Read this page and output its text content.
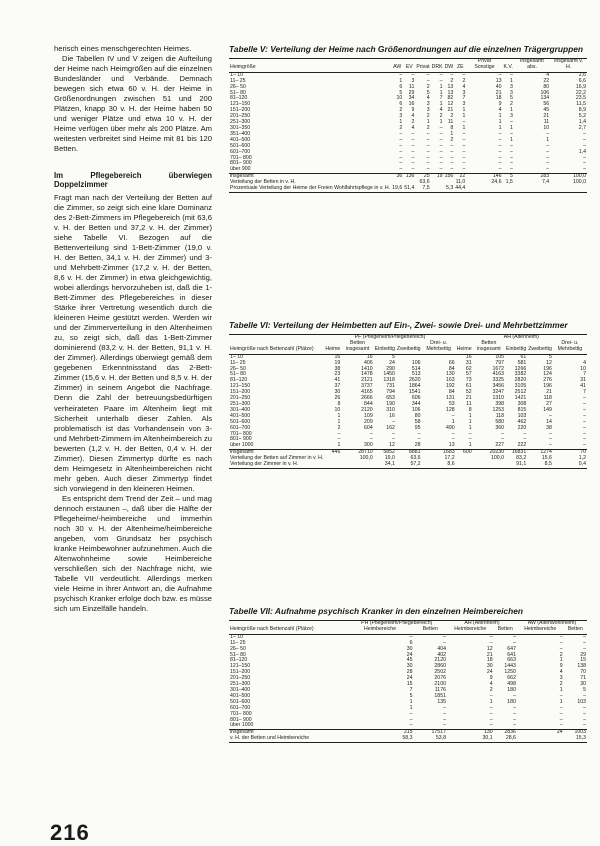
herisch eines menschgerechten Heimes.

Die Tabellen IV und V zeigen die Aufteilung der Heime nach Heimgrößen auf die einzelnen Bundesländer und Verbände. Demnach bewegen sich etwa 60 v. H. der Heime in Größenordnungen zwischen 51 und 200 Plätzen, knapp 30 v. H. der Heime haben 50 und weniger Plätze und etwa 10 v. H. der Heime verfügen über mehr als 200 Plätze. Am weitesten verbreitet sind Heime mit 81 bis 120 Betten.

Im Pflegebereich überwiegen Doppelzimmer

Fragt man nach der Verteilung der Betten auf die Zimmer, so zeigt sich eine klare Dominanz des 2-Bett-Zimmers im Pflegebereich (mit 63,6 v. H. der Betten und 37,2 v. H. der Zimmer) siehe Tabelle VI. Bezogen auf die Bettenverteilung sind 1-Bett-Zimmer (19,0 v. H. der Betten, 34,1 v. H. der Zimmer) und 3- und Mehrbett-Zimmer (17,2 v. H. der Betten, 8,6 v. H. der Zimmer) in etwa gleichgewichtig, wobei allerdings hervorzuheben ist, daß die 1-Bett-Zimmer des Pflegebereiches in dieser Stärke ihrer Vertretung wesentlich durch die kleineren Heime gestützt werden. Werden wir und der Zimmerverteilung in den Altenheimen zu, so zeigt sich, daß das 1-Bett-Zimmer dominierend (83,2 v. H. der Betten, 91,1 v. H. der Zimmer). Allerdings überwiegt gemäß dem gegebenen Erkenntnisstand das 2-Bett-Zimmer (15,6 v. H. der Betten und 8,5 v. H. der Zimmer) in seinem Angebot die Nachfrage. Denn die Zahl der betreuungsbedürftigen verheirateten Paare im Altenheim liegt mit Sicherheit unterhalb dieser Zahlen. Als problematisch ist das Vorhandensein von 3- und Mehrbett-Zimmern im Altenheimbereich zu bewerten (1,2 v. H. der Betten, 0,4 v. H. der Zimmer). Diesen Zimmertyp dürfte es nach dem Heimgesetz in Altenheimbereichen nicht mehr geben. Auch dieser Zimmertyp findet sich vorwiegend in den kleineren Heimen.

Es entspricht dem Trend der Zeit – und mag dennoch erstaunen –, daß über die Hälfte der Pflegeheime/-heimbereiche und immerhin noch 30 v. H. der Altenheime/heimbereiche angeben, vom Grundsatz her psychisch kranke Heimbewohner aufzunehmen. Auch die Altenwohnheime sowie Heimbereiche verschließen sich der Nachfrage nicht, wie Tabelle VII verdeutlicht. Allerdings merken viele Heime in ihrer Antwort an, die Aufnahme psychisch Kranker erfolge doch bzw. es müsse sich um Einzelfälle handeln.

216
Tabelle V: Verteilung der Heime nach Größenordnungen auf die einzelnen Trägergruppen
Heimgröße	AW	EV	Privat	DRK	DW	ZE	Privat Sonstige	K.V.	insgesamt abs.	insgesamt v. H.
1– 10	–	–	–	–	–	–	–	–	4	2,6
11– 25	1	3	–	–	2	2	13	1	22	6,6
26– 50	6	11	2	1	13	4	40	3	80	16,9
51– 80	5	29	5	1	13	3	21	3	106	22,2
81–120	10	34	4	7	82	7	18	5	134	23,5
121–150	6	16	3	1	12	3	9	2	56	11,5
151–200	2	9	3	4	21	1	4	1	45	8,9
201–250	3	4	2	2	2	1	1	3	21	5,2
251–300	1	2	1	1	11	–	1	–	11	1,4
301–350	2	4	2	–	8	1	1	1	10	2,7
351–400	–	–	–	–	1	–	–	–	–	–
401–500	–	–	–	–	2	–	–	1	1	–
501–600	–	–	–	–	–	–	–	–	–	–
601–700	–	–	–	–	–	–	–	–	–	1,4
701– 800	–	–	–	–	–	–	–	–	–	–
801– 900	–	–	–	–	–	–	–	–	–	–
über 900	–	–	–	–	–	–	–	–	–	–
insgesamt	36	136	25	19	156	22	146	5	283	100,0
Verteilung der Betten in v. H.			63,6			11,0	24,6	1,5	7,4	100,0
Prozentuale Verteilung der Heime der Freien Wohlfahrtspflege in v. H.	19,6	51,4	7,5		5,3	44,4				
Tabelle VI: Verteilung der Heimbetten auf Ein-, Zwei- sowie Drei- und Mehrbettzimmer
	PF (Pflegeheim/Pflegebereich)					AH (Altenheim)				
Heimgröße nach Bettenzahl (Plätze)	Heime	Betten insgesamt	Einbettig	Zweibettig	Drei- u. Mehrbettig	Heime	Betten insgesamt	Einbettig	Zweibettig	Drei- u. Mehrbettig
1– 10	16	16	5			16	105	61	5	
11– 25	19	406	24	106	66	31	797	581	12	4
26– 50	38	1410	290	514	84	62	1672	1266	196	10
51– 80	23	1478	1450	513	130	57	4163	3382	124	7
81–120	41	2121	1318	2620	163	73	3325	2820	276	31
121–150	37	3737	731	1864	192	61	3456	3105	196	41
151–200	30	4165	794	1541	84	52	3247	2512	21	7
201–250	26	2666	653	606	131	21	1310	1421	118	–
251–300	8	844	190	344	53	11	398	308	27	–
301–400	10	2120	310	106	128	8	1253	815	149	–
401–500	1	109	16	80	–	1	118	103	–	–
501–600	1	209	–	58	1	1	580	462	14	–
601–700	2	604	162	95	490	1	360	220	38	–
701– 800	–	–	–	–	–	–	–	–	–	–
801– 900	–	–	–	–	–	–	–	–	–	–
über 1000	1	300	12	28	13	1	227	222	–	–
insgesamt	446	28710	5852	8881	1683	600	20230	16831	1274	70
Verteilung der Betten auf Zimmer in v. H.		100,0	19,0	63,6	17,2		100,0	83,2	15,6	1,2
Verteilung der Zimmer in v. H.			34,1	57,2	8,6			91,1	8,5	0,4
Tabelle VII: Aufnahme psychisch Kranker in den einzelnen Heimbereichen
	PH (Pflegeheim/Pflegebereich)		AH (Altenheim)		AW (Altenwohnheim)	
Heimgröße nach Bettenzahl (Plätze)	Heimbereiche	Betten	Heimbereiche	Betten	Heimbereiche	Betten
1– 10	–	–	–	–	–	–
11– 25	6	–	–	–	–	–
26– 50	30	404	12	647	–	–
51– 80	24	402	21	641	2	29
81–120	45	2120	18	663	1	15
121–150	30	2860	30	1443	9	138
151–200	28	2502	24	1250	4	70
201–250	24	2076	9	662	3	71
251–300	15	2100	4	498	2	30
301–400	7	1176	2	180	1	5
401–500	5	1851	–	–	–	–
501–600	1	135	1	180	1	103
601–700	1	–	–	–	–	–
701– 800	–	–	–	–	–	–
801– 900	–	–	–	–	–	–
über 1000	–	–	–	–	–	–
insgesamt	215	17517	130	2836	24	1003
v. H. der Betten und Heimbereiche	58,3	53,8	30,1	28,6		15,3
